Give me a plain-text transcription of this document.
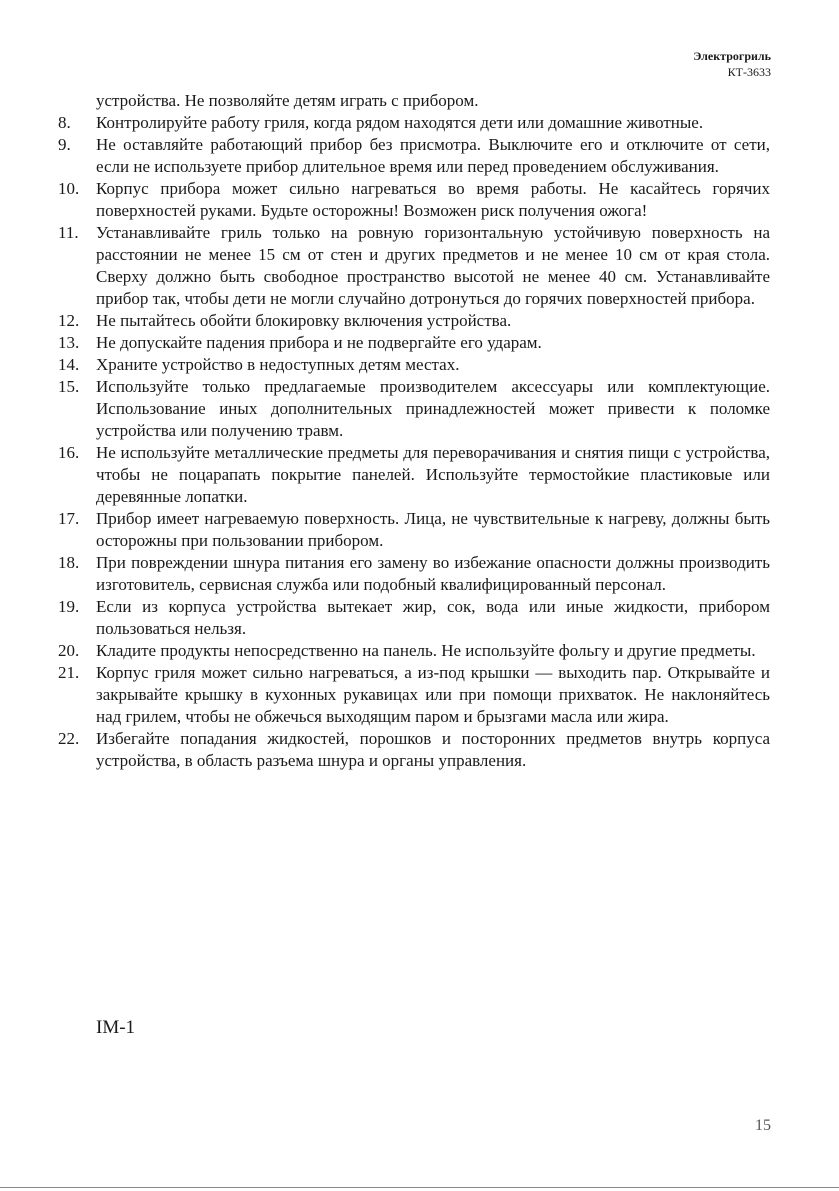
Электрогриль
КТ-3633
устройства. Не позволяйте детям играть с прибором.
8.	Контролируйте работу гриля, когда рядом находятся дети или домашние животные.
9.	Не оставляйте работающий прибор без присмотра. Выключите его и отключите от сети, если не используете прибор длительное время или перед проведением обслуживания.
10. Корпус прибора может сильно нагреваться во время работы. Не касайтесь горячих поверхностей руками. Будьте осторожны! Возможен риск получения ожога!
11.	Устанавливайте гриль только на ровную горизонтальную устойчивую поверхность на расстоянии не менее 15 см от стен и других предметов и не менее 10 см от края стола. Сверху должно быть свободное пространство высотой не менее 40 см. Устанавливайте прибор так, чтобы дети не могли случайно дотронуться до горячих поверхностей прибора.
12. Не пытайтесь обойти блокировку включения устройства.
13. Не допускайте падения прибора и не подвергайте его ударам.
14. Храните устройство в недоступных детям местах.
15. Используйте только предлагаемые производителем аксессуары или комплектующие. Использование иных дополнительных принадлежностей может привести к поломке устройства или получению травм.
16. Не используйте металлические предметы для переворачивания и снятия пищи с устройства, чтобы не поцарапать покрытие панелей. Используйте термостойкие пластиковые или деревянные лопатки.
17. Прибор имеет нагреваемую поверхность. Лица, не чувствительные к нагреву, должны быть осторожны при пользовании прибором.
18. При повреждении шнура питания его замену во избежание опасности должны производить изготовитель, сервисная служба или подобный квалифицированный персонал.
19. Если из корпуса устройства вытекает жир, сок, вода или иные жидкости, прибором пользоваться нельзя.
20. Кладите продукты непосредственно на панель. Не используйте фольгу и другие предметы.
21. Корпус гриля может сильно нагреваться, а из-под крышки — выходить пар. Открывайте и закрывайте крышку в кухонных рукавицах или при помощи прихваток. Не наклоняйтесь над грилем, чтобы не обжечься выходящим паром и брызгами масла или жира.
22. Избегайте попадания жидкостей, порошков и посторонних предметов внутрь корпуса устройства, в область разъема шнура и органы управления.
IM-1
15
